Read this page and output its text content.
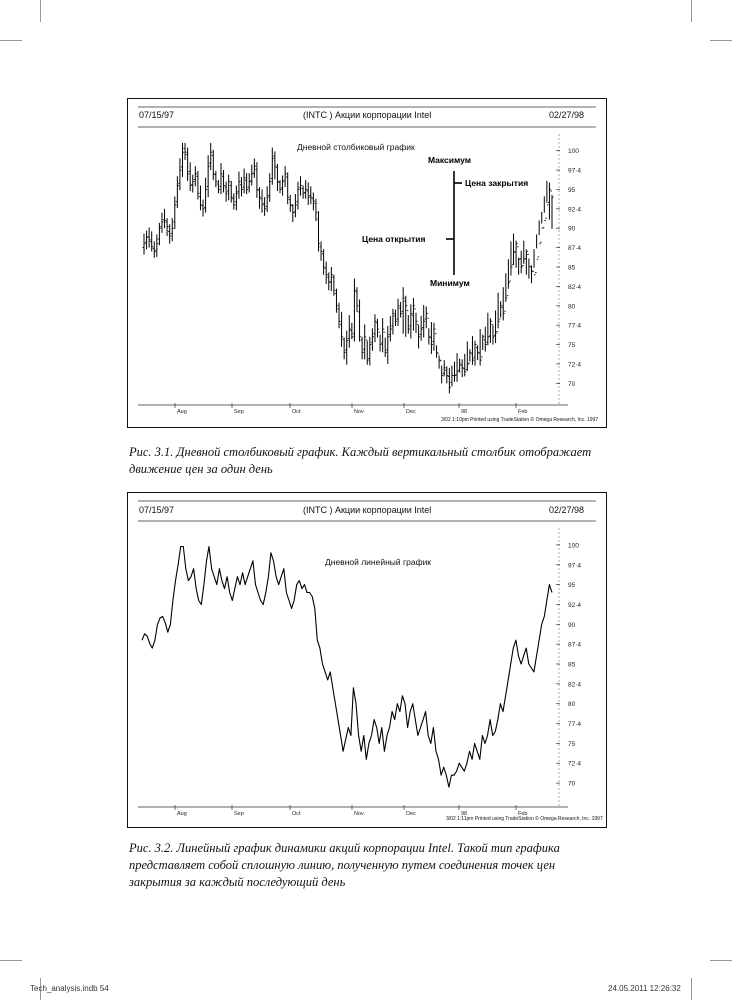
07/15/97	(INTC ) Акции корпорации Intel	02/27/98
Дневной столбиковый график
3/02 1:10pm Printed using TradeStation © Omega Research, Inc. 1997
Максимум
Цена закрытия
Цена открытия
Минимум
100
97·4
95
92·4
90
87·4
85
82·4
80
77·4
75
72·4
70
Aug	Sep	Oct	Nov	Dec	98	Feb
Рис. 3.1. Дневной столбиковый график. Каждый вертикальный столбик отображает движение цен за один день
07/15/97	(INTC ) Акции корпорации Intel	02/27/98
Дневной линейный график
3/02 1:11pm Printed using TradeStation © Omega Research, Inc. 1997
100
97·4
95
92·4
90
87·4
85
82·4
80
77·4
75
72·4
70
Aug	Sep	Oct	Nov	Dec	98	Feb
Рис. 3.2. Линейный график динамики акций корпорации Intel. Такой тип графика представляет собой сплошную линию, полученную путем соединения точек цен закрытия за каждый последующий день
Tech_analysis.indb 54	24.05.2011 12:26:32
